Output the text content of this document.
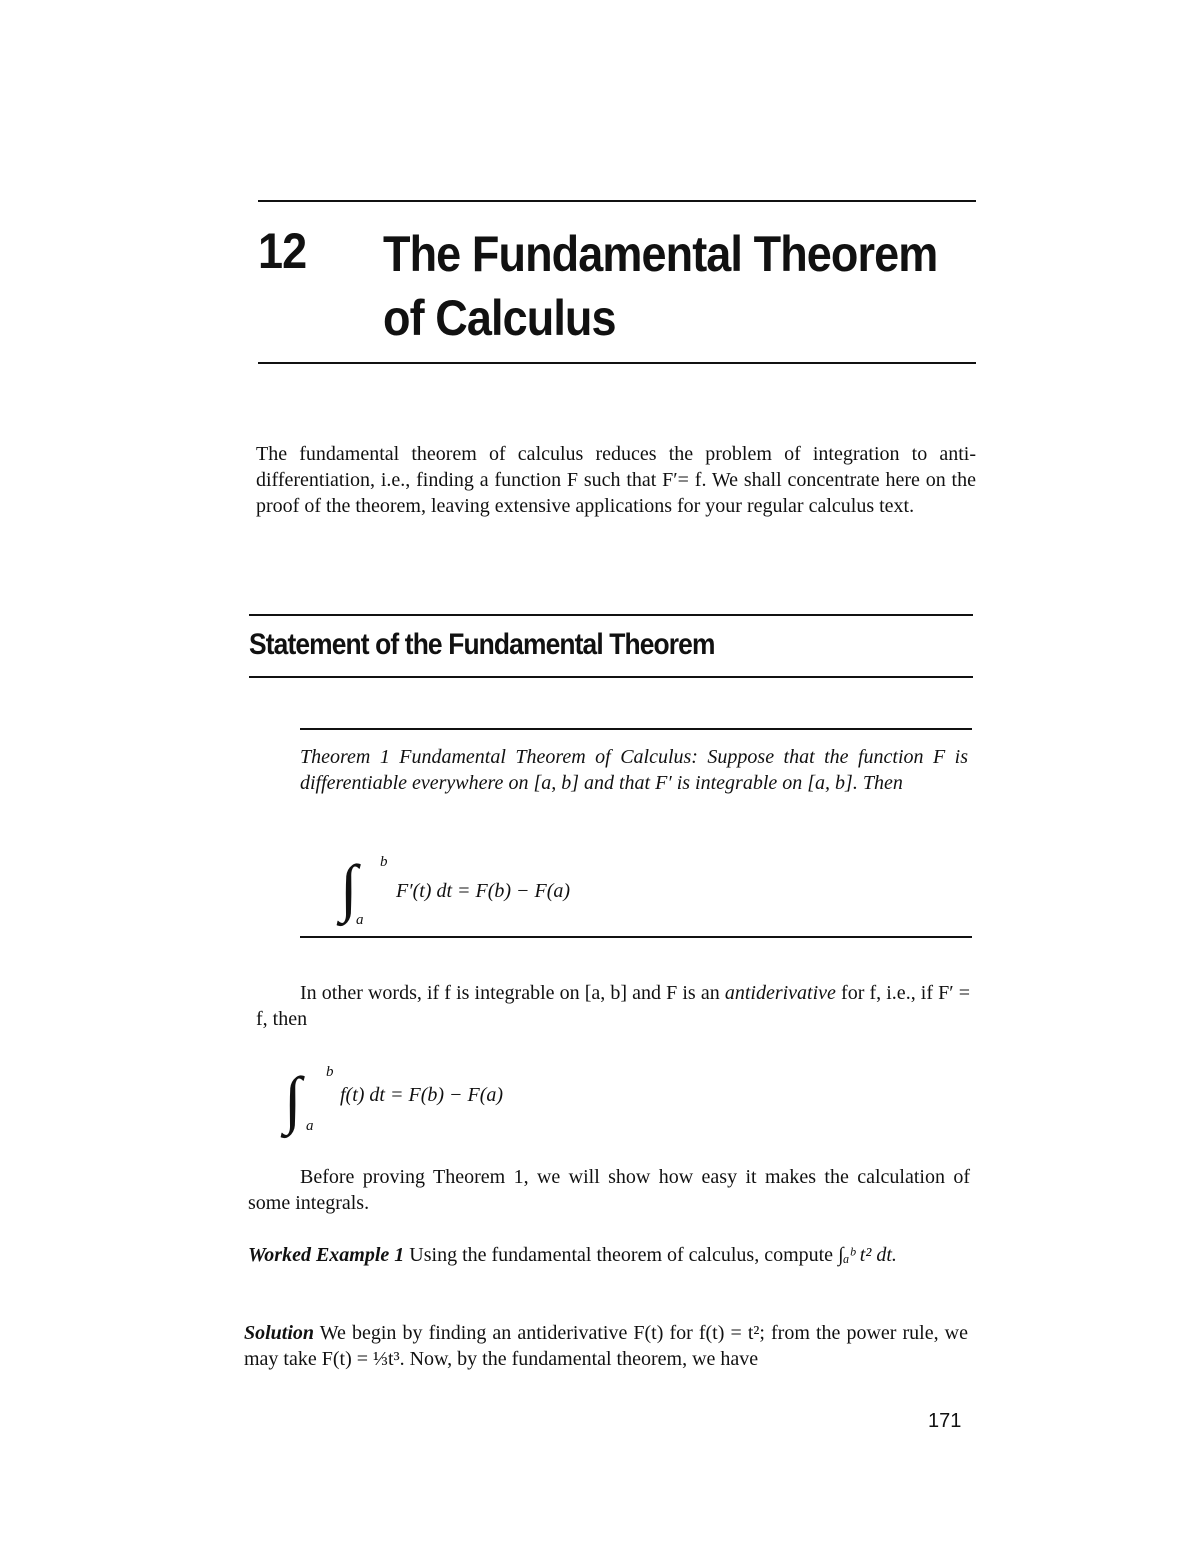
12 The Fundamental Theorem
of Calculus
The fundamental theorem of calculus reduces the problem of integration to anti-differentiation, i.e., finding a function F such that F′= f. We shall concentrate here on the proof of the theorem, leaving extensive applications for your regular calculus text.
Statement of the Fundamental Theorem
Theorem 1 Fundamental Theorem of Calculus: Suppose that the function F is differentiable everywhere on [a, b] and that F′ is integrable on [a, b]. Then
∫ b
a
F′(t) dt = F(b) − F(a)
In other words, if f is integrable on [a, b] and F is an antiderivative for f, i.e., if F′ = f, then
∫ b
a
f(t) dt = F(b) − F(a)
Before proving Theorem 1, we will show how easy it makes the calculation of some integrals.
Worked Example 1 Using the fundamental theorem of calculus, compute ∫ₐᵇ t² dt.
Solution We begin by finding an antiderivative F(t) for f(t) = t²; from the power rule, we may take F(t) = ⅓t³. Now, by the fundamental theorem, we have
171
